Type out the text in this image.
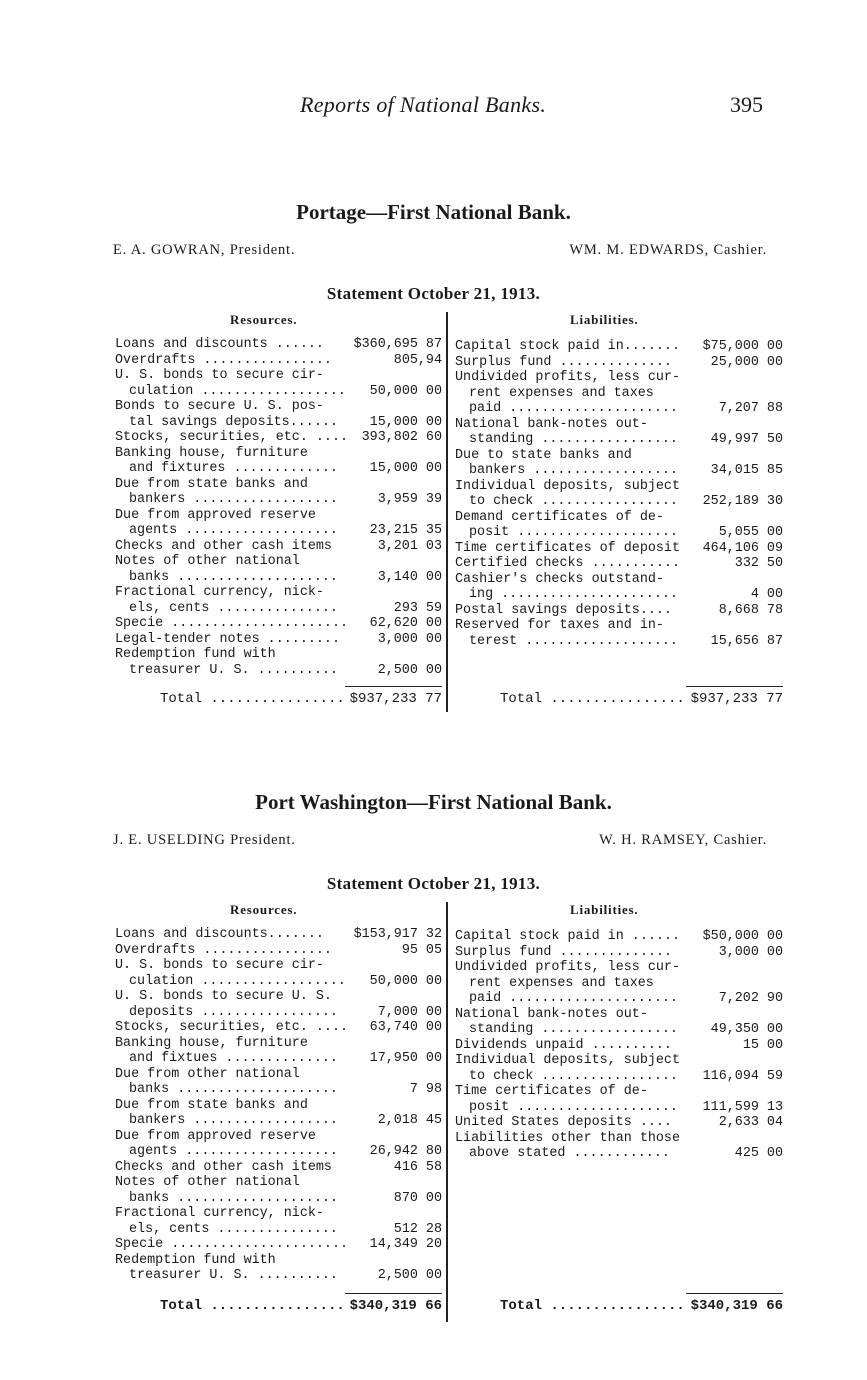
Reports of National Banks.	395
Portage—First National Bank.
E. A. GOWRAN, President.	WM. M. EDWARDS, Cashier.
Statement October 21, 1913.
Resources.	Liabilities.
Loans and discounts ...... $360,695 87
Overdrafts ................	805,94
U. S. bonds to secure cir-
culation .................. 50,000 00
Bonds to secure U. S. pos-
tal savings deposits...... 15,000 00
Stocks, securities, etc. .... 393,802 60
Banking house, furniture
and fixtures ............. 15,000 00
Due from state banks and
bankers ..................	3,959 39
Due from approved reserve
agents ................... 23,215 35
Checks and other cash items	3,201 03
Notes of other national
banks ....................	3,140 00
Fractional currency, nick-
els, cents ...............	293 59
Specie ...................... 62,620 00
Legal-tender notes .........	3,000 00
Redemption fund with
treasurer U. S. ..........	2,500 00
Capital stock paid in....... $75,000 00
Surplus fund ..............	25,000 00
Undivided profits, less cur-
rent expenses and taxes
paid .....................	7,207 88
National bank-notes out-
standing ................. 49,997 50
Due to state banks and
bankers .................. 34,015 85
Individual deposits, subject
to check ................. 252,189 30
Demand certificates of de-
posit ....................	5,055 00
Time certificates of deposit 464,106 09
Certified checks ...........	332 50
Cashier's checks outstand-
ing ......................	4 00
Postal savings deposits....	8,668 78
Reserved for taxes and in-
terest ................... 15,656 87
Total ................ $937,233 77	Total ................ $937,233 77
Port Washington—First National Bank.
J. E. USELDING President.	W. H. RAMSEY, Cashier.
Statement October 21, 1913.
Resources.	Liabilities.
Loans and discounts....... $153,917 32
Overdrafts ................	95 05
U. S. bonds to secure cir-
culation .................. 50,000 00
U. S. bonds to secure U. S.
deposits .................	7,000 00
Stocks, securities, etc. .... 63,740 00
Banking house, furniture
and fixtues .............. 17,950 00
Due from other national
banks ....................	7 98
Due from state banks and
bankers ..................	2,018 45
Due from approved reserve
agents ................... 26,942 80
Checks and other cash items	416 58
Notes of other national
banks ....................	870 00
Fractional currency, nick-
els, cents ...............	512 28
Specie ...................... 14,349 20
Redemption fund with
treasurer U. S. ..........	2,500 00
Capital stock paid in ...... $50,000 00
Surplus fund ..............	3,000 00
Undivided profits, less cur-
rent expenses and taxes
paid .....................	7,202 90
National bank-notes out-
standing ................. 49,350 00
Dividends unpaid ..........	15 00
Individual deposits, subject
to check ................. 116,094 59
Time certificates of de-
posit .................... 111,599 13
United States deposits ....	2,633 04
Liabilities other than those
above stated ............	425 00
Total ................ $340,319 66	Total ................ $340,319 66
